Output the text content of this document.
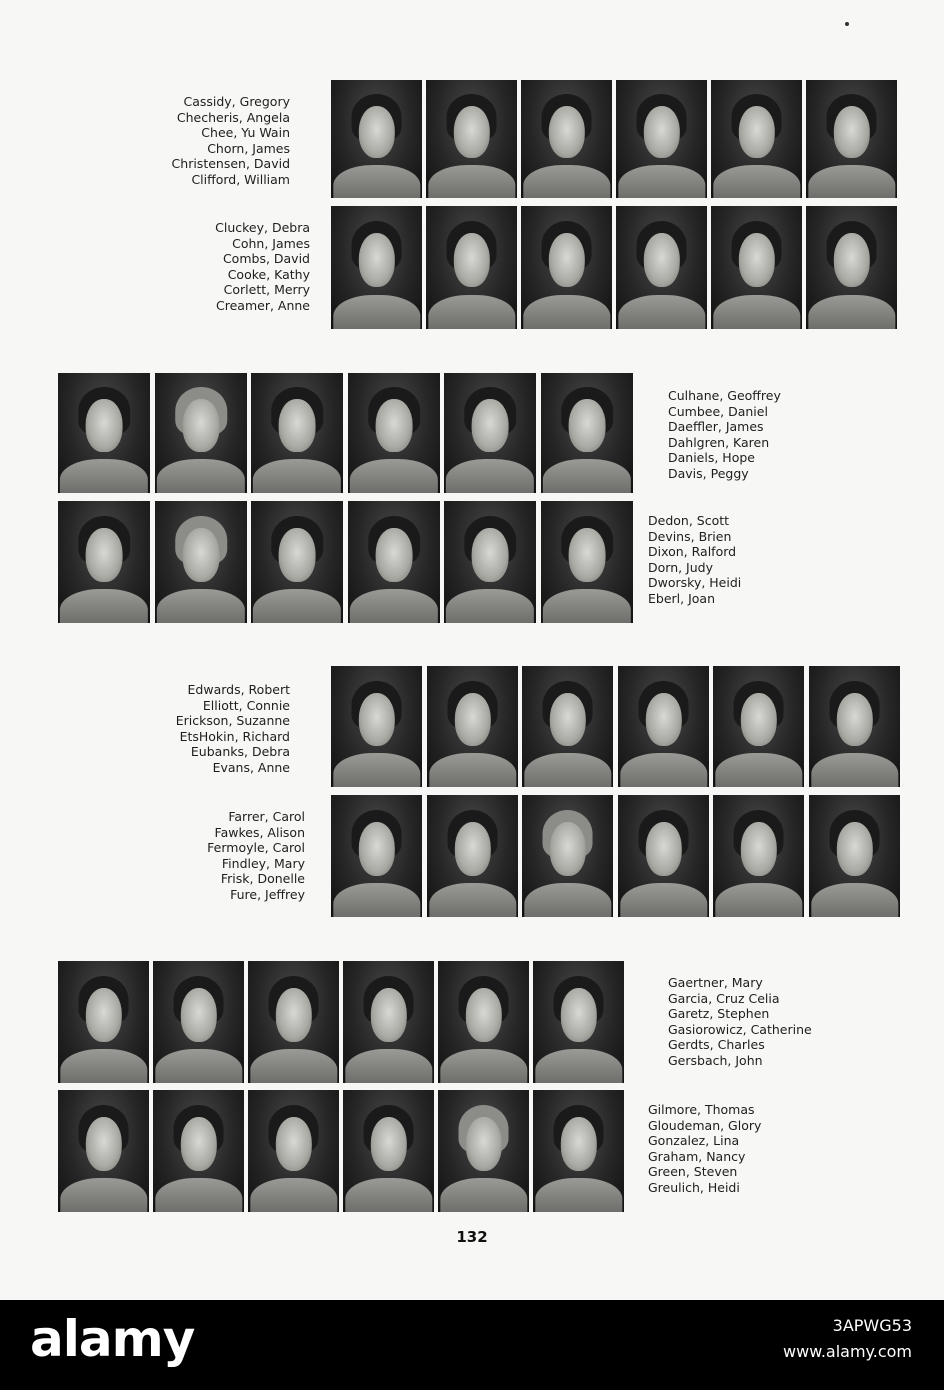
Cassidy, Gregory
Checheris, Angela
Chee, Yu Wain
Chorn, James
Christensen, David
Clifford, William
Cluckey, Debra
Cohn, James
Combs, David
Cooke, Kathy
Corlett, Merry
Creamer, Anne
Culhane, Geoffrey
Cumbee, Daniel
Daeffler, James
Dahlgren, Karen
Daniels, Hope
Davis, Peggy
Dedon, Scott
Devins, Brien
Dixon, Ralford
Dorn, Judy
Dworsky, Heidi
Eberl, Joan
Edwards, Robert
Elliott, Connie
Erickson, Suzanne
EtsHokin, Richard
Eubanks, Debra
Evans, Anne
Farrer, Carol
Fawkes, Alison
Fermoyle, Carol
Findley, Mary
Frisk, Donelle
Fure, Jeffrey
Gaertner, Mary
Garcia, Cruz Celia
Garetz, Stephen
Gasiorowicz, Catherine
Gerdts, Charles
Gersbach, John
Gilmore, Thomas
Gloudeman, Glory
Gonzalez, Lina
Graham, Nancy
Green, Steven
Greulich, Heidi
132
alamy	3APWG53
www.alamy.com
